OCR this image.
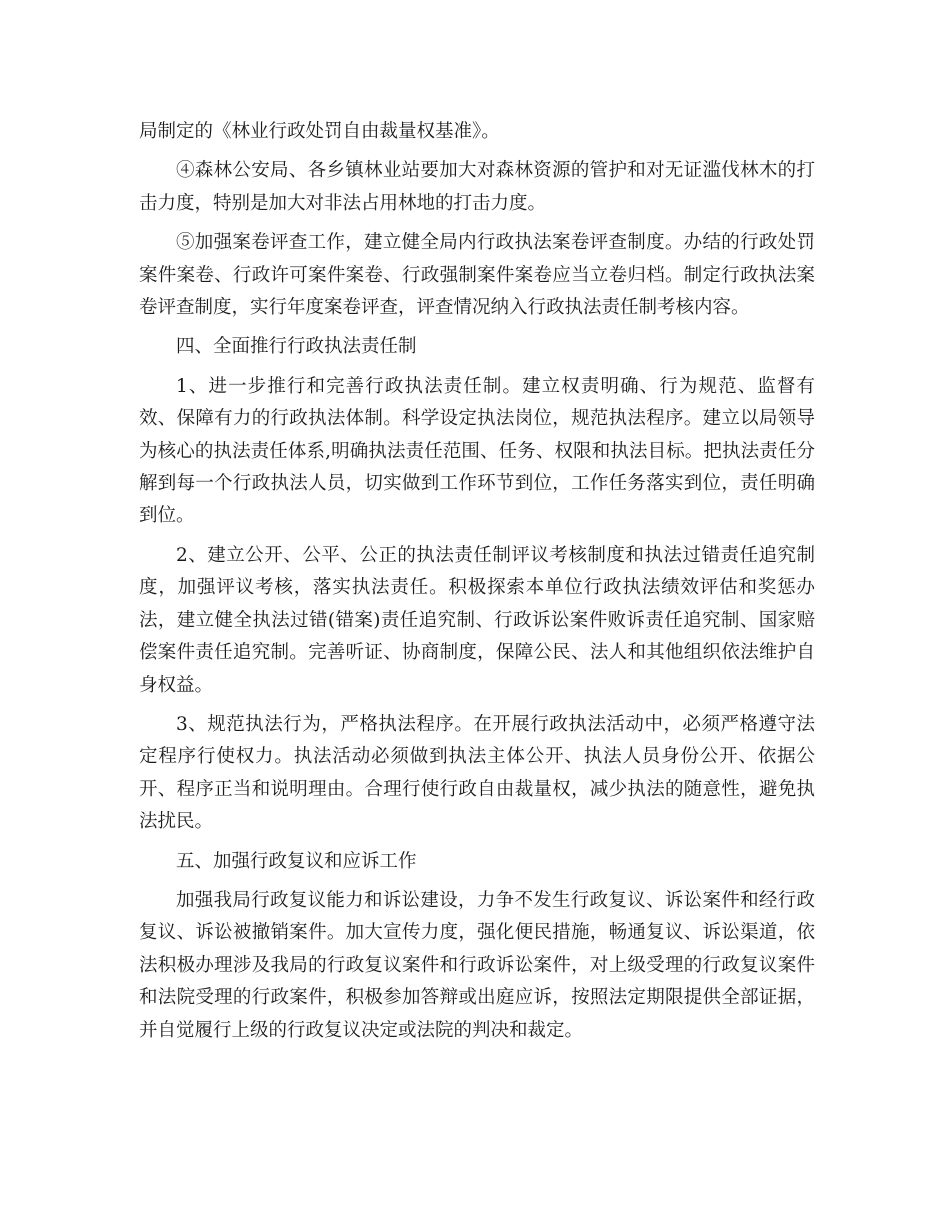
局制定的《林业行政处罚自由裁量权基准》。

④森林公安局、各乡镇林业站要加大对森林资源的管护和对无证滥伐林木的打击力度，特别是加大对非法占用林地的打击力度。

⑤加强案卷评查工作，建立健全局内行政执法案卷评查制度。办结的行政处罚案件案卷、行政许可案件案卷、行政强制案件案卷应当立卷归档。制定行政执法案卷评查制度，实行年度案卷评查，评查情况纳入行政执法责任制考核内容。

四、全面推行行政执法责任制

1、进一步推行和完善行政执法责任制。建立权责明确、行为规范、监督有效、保障有力的行政执法体制。科学设定执法岗位，规范执法程序。建立以局领导为核心的执法责任体系,明确执法责任范围、任务、权限和执法目标。把执法责任分解到每一个行政执法人员，切实做到工作环节到位，工作任务落实到位，责任明确到位。

2、建立公开、公平、公正的执法责任制评议考核制度和执法过错责任追究制度，加强评议考核，落实执法责任。积极探索本单位行政执法绩效评估和奖惩办法，建立健全执法过错(错案)责任追究制、行政诉讼案件败诉责任追究制、国家赔偿案件责任追究制。完善听证、协商制度，保障公民、法人和其他组织依法维护自身权益。

3、规范执法行为，严格执法程序。在开展行政执法活动中，必须严格遵守法定程序行使权力。执法活动必须做到执法主体公开、执法人员身份公开、依据公开、程序正当和说明理由。合理行使行政自由裁量权，减少执法的随意性，避免执法扰民。

五、加强行政复议和应诉工作

加强我局行政复议能力和诉讼建设，力争不发生行政复议、诉讼案件和经行政复议、诉讼被撤销案件。加大宣传力度，强化便民措施，畅通复议、诉讼渠道，依法积极办理涉及我局的行政复议案件和行政诉讼案件，对上级受理的行政复议案件和法院受理的行政案件，积极参加答辩或出庭应诉，按照法定期限提供全部证据，并自觉履行上级的行政复议决定或法院的判决和裁定。
